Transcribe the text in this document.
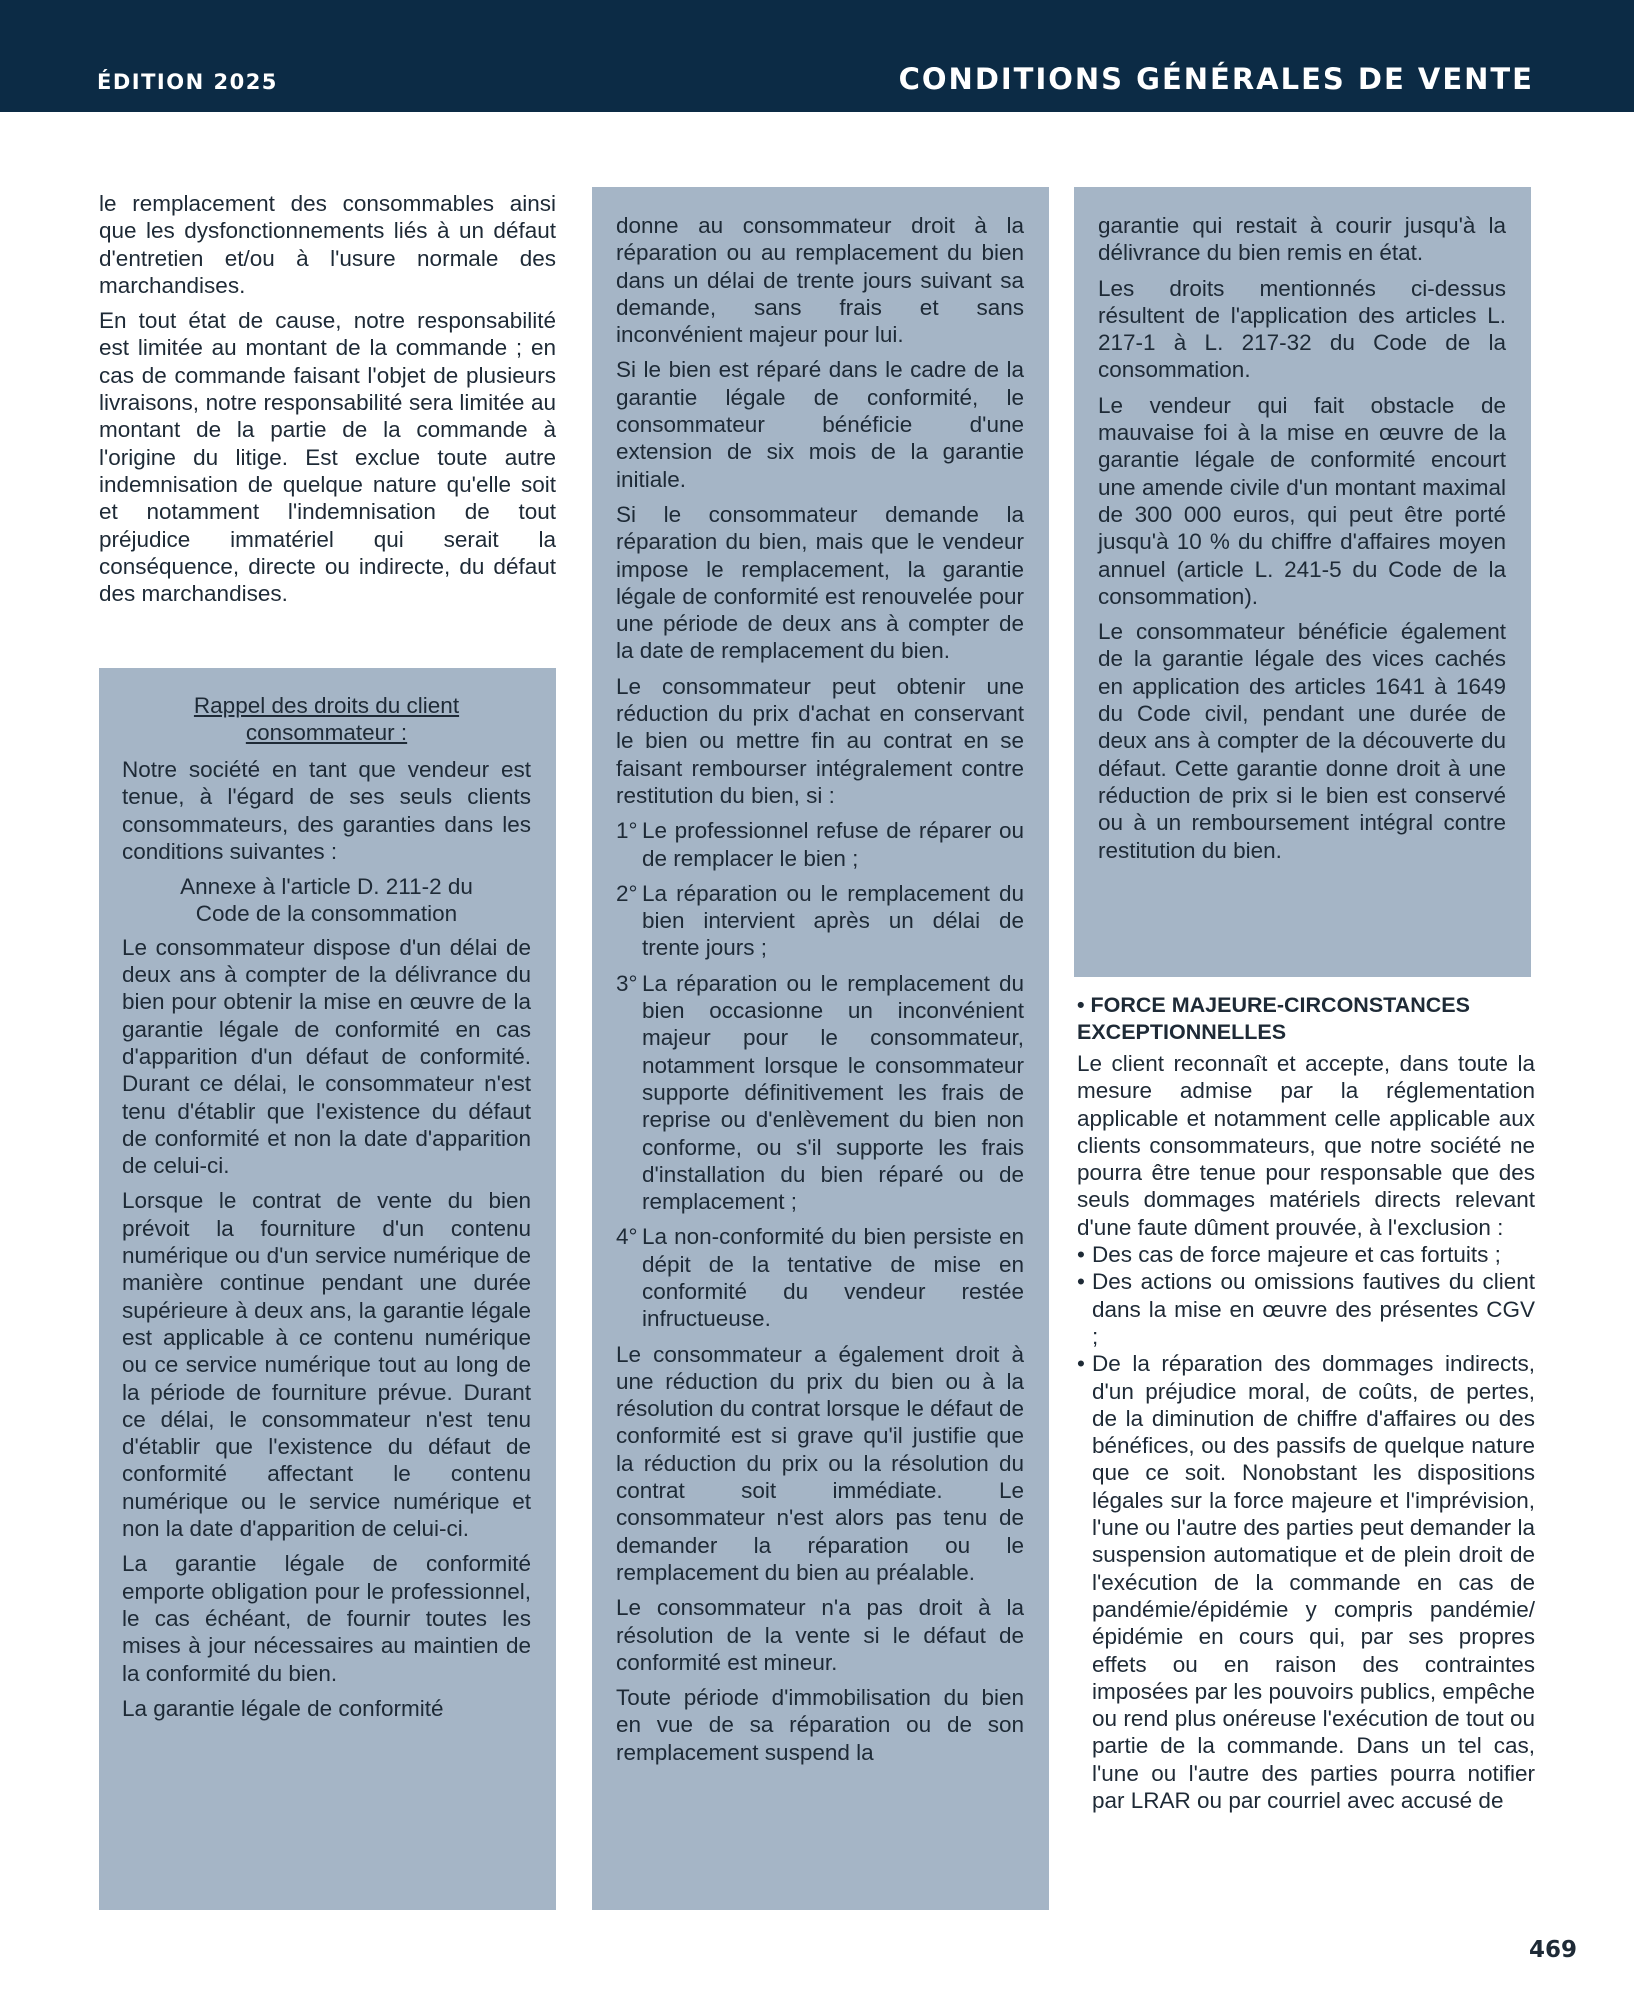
ÉDITION 2025	CONDITIONS GÉNÉRALES DE VENTE

le remplacement des consommables ainsi que les dysfonctionnements liés à un défaut d'entretien et/ou à l'usure normale des marchandises.

En tout état de cause, notre responsabilité est limitée au montant de la commande ; en cas de commande faisant l'objet de plusieurs livraisons, notre responsabilité sera limitée au montant de la partie de la commande à l'origine du litige. Est exclue toute autre indemnisation de quelque nature qu'elle soit et notamment l'indemnisation de tout préjudice immatériel qui serait la conséquence, directe ou indirecte, du défaut des marchandises.

Rappel des droits du client
consommateur :

Notre société en tant que vendeur est tenue, à l'égard de ses seuls clients consommateurs, des garanties dans les conditions suivantes :

Annexe à l'article D. 211-2 du
Code de la consommation

Le consommateur dispose d'un délai de deux ans à compter de la délivrance du bien pour obtenir la mise en œuvre de la garantie légale de conformité en cas d'apparition d'un défaut de conformité. Durant ce délai, le consommateur n'est tenu d'établir que l'existence du défaut de conformité et non la date d'apparition de celui-ci.

Lorsque le contrat de vente du bien prévoit la fourniture d'un contenu numérique ou d'un service numérique de manière continue pendant une durée supérieure à deux ans, la garantie légale est applicable à ce contenu numérique ou ce service numérique tout au long de la période de fourniture prévue. Durant ce délai, le consommateur n'est tenu d'établir que l'existence du défaut de conformité affectant le contenu numérique ou le service numérique et non la date d'apparition de celui-ci.

La garantie légale de conformité emporte obligation pour le professionnel, le cas échéant, de fournir toutes les mises à jour nécessaires au maintien de la conformité du bien.

La garantie légale de conformité

donne au consommateur droit à la réparation ou au remplacement du bien dans un délai de trente jours suivant sa demande, sans frais et sans inconvénient majeur pour lui.

Si le bien est réparé dans le cadre de la garantie légale de conformité, le consommateur bénéficie d'une extension de six mois de la garantie initiale.

Si le consommateur demande la réparation du bien, mais que le vendeur impose le remplacement, la garantie légale de conformité est renouvelée pour une période de deux ans à compter de la date de remplacement du bien.

Le consommateur peut obtenir une réduction du prix d'achat en conservant le bien ou mettre fin au contrat en se faisant rembourser intégralement contre restitution du bien, si :

1° Le professionnel refuse de réparer ou de remplacer le bien ;
2° La réparation ou le remplacement du bien intervient après un délai de trente jours ;
3° La réparation ou le remplacement du bien occasionne un inconvénient majeur pour le consommateur, notamment lorsque le consommateur supporte définitivement les frais de reprise ou d'enlèvement du bien non conforme, ou s'il supporte les frais d'installation du bien réparé ou de remplacement ;
4° La non-conformité du bien persiste en dépit de la tentative de mise en conformité du vendeur restée infructueuse.

Le consommateur a également droit à une réduction du prix du bien ou à la résolution du contrat lorsque le défaut de conformité est si grave qu'il justifie que la réduction du prix ou la résolution du contrat soit immédiate. Le consommateur n'est alors pas tenu de demander la réparation ou le remplacement du bien au préalable.

Le consommateur n'a pas droit à la résolution de la vente si le défaut de conformité est mineur.

Toute période d'immobilisation du bien en vue de sa réparation ou de son remplacement suspend la

garantie qui restait à courir jusqu'à la délivrance du bien remis en état.

Les droits mentionnés ci-dessus résultent de l'application des articles L. 217-1 à L. 217-32 du Code de la consommation.

Le vendeur qui fait obstacle de mauvaise foi à la mise en œuvre de la garantie légale de conformité encourt une amende civile d'un montant maximal de 300 000 euros, qui peut être porté jusqu'à 10 % du chiffre d'affaires moyen annuel (article L. 241-5 du Code de la consommation).

Le consommateur bénéficie également de la garantie légale des vices cachés en application des articles 1641 à 1649 du Code civil, pendant une durée de deux ans à compter de la découverte du défaut. Cette garantie donne droit à une réduction de prix si le bien est conservé ou à un remboursement intégral contre restitution du bien.

• FORCE MAJEURE-CIRCONSTANCES
EXCEPTIONNELLES

Le client reconnaît et accepte, dans toute la mesure admise par la réglementation applicable et notamment celle applicable aux clients consommateurs, que notre société ne pourra être tenue pour responsable que des seuls dommages matériels directs relevant d'une faute dûment prouvée, à l'exclusion :

• Des cas de force majeure et cas fortuits ;
• Des actions ou omissions fautives du client dans la mise en œuvre des présentes CGV ;
• De la réparation des dommages indirects, d'un préjudice moral, de coûts, de pertes, de la diminution de chiffre d'affaires ou des bénéfices, ou des passifs de quelque nature que ce soit. Nonobstant les dispositions légales sur la force majeure et l'imprévision, l'une ou l'autre des parties peut demander la suspension automatique et de plein droit de l'exécution de la commande en cas de pandémie/épidémie y compris pandémie/épidémie en cours qui, par ses propres effets ou en raison des contraintes imposées par les pouvoirs publics, empêche ou rend plus onéreuse l'exécution de tout ou partie de la commande. Dans un tel cas, l'une ou l'autre des parties pourra notifier par LRAR ou par courriel avec accusé de
469
